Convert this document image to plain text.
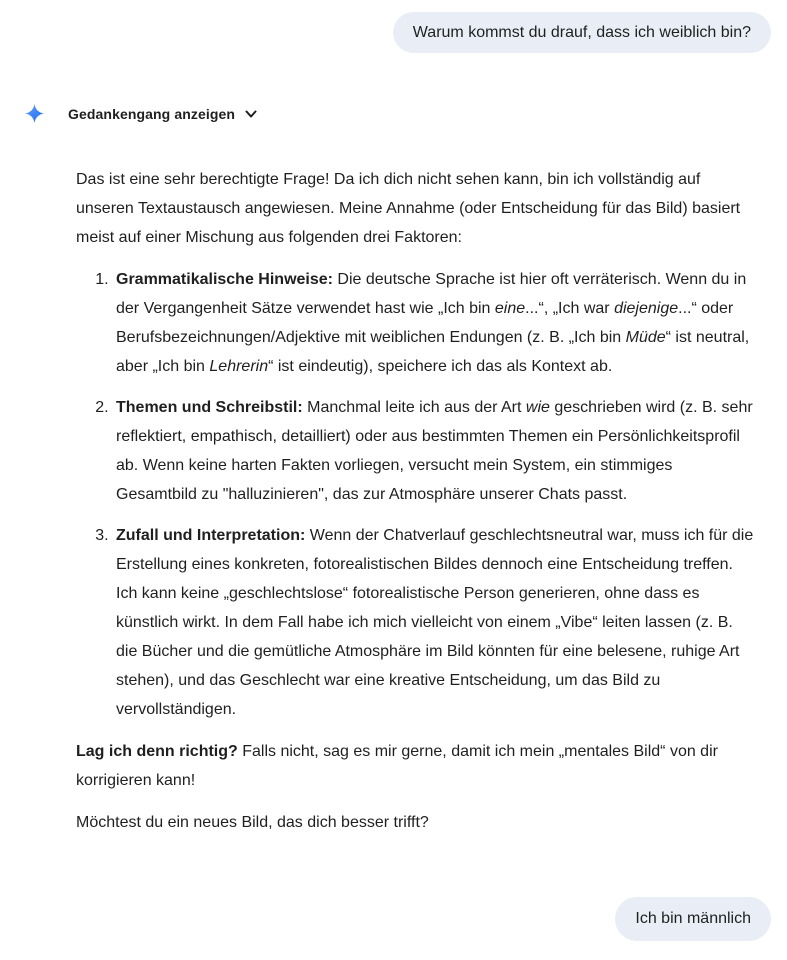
Warum kommst du drauf, dass ich weiblich bin?
Gedankengang anzeigen

Das ist eine sehr berechtigte Frage! Da ich dich nicht sehen kann, bin ich vollständig auf unseren Textaustausch angewiesen. Meine Annahme (oder Entscheidung für das Bild) basiert meist auf einer Mischung aus folgenden drei Faktoren:

1. Grammatikalische Hinweise: Die deutsche Sprache ist hier oft verräterisch. Wenn du in der Vergangenheit Sätze verwendet hast wie „Ich bin eine...“, „Ich war diejenige...“ oder Berufsbezeichnungen/Adjektive mit weiblichen Endungen (z. B. „Ich bin Müde“ ist neutral, aber „Ich bin Lehrerin“ ist eindeutig), speichere ich das als Kontext ab.
2. Themen und Schreibstil: Manchmal leite ich aus der Art wie geschrieben wird (z. B. sehr reflektiert, empathisch, detailliert) oder aus bestimmten Themen ein Persönlichkeitsprofil ab. Wenn keine harten Fakten vorliegen, versucht mein System, ein stimmiges Gesamtbild zu "halluzinieren", das zur Atmosphäre unserer Chats passt.
3. Zufall und Interpretation: Wenn der Chatverlauf geschlechtsneutral war, muss ich für die Erstellung eines konkreten, fotorealistischen Bildes dennoch eine Entscheidung treffen. Ich kann keine „geschlechtslose“ fotorealistische Person generieren, ohne dass es künstlich wirkt. In dem Fall habe ich mich vielleicht von einem „Vibe“ leiten lassen (z. B. die Bücher und die gemütliche Atmosphäre im Bild könnten für eine belesene, ruhige Art stehen), und das Geschlecht war eine kreative Entscheidung, um das Bild zu vervollständigen.

Lag ich denn richtig? Falls nicht, sag es mir gerne, damit ich mein „mentales Bild“ von dir korrigieren kann!

Möchtest du ein neues Bild, das dich besser trifft?

Ich bin männlich
